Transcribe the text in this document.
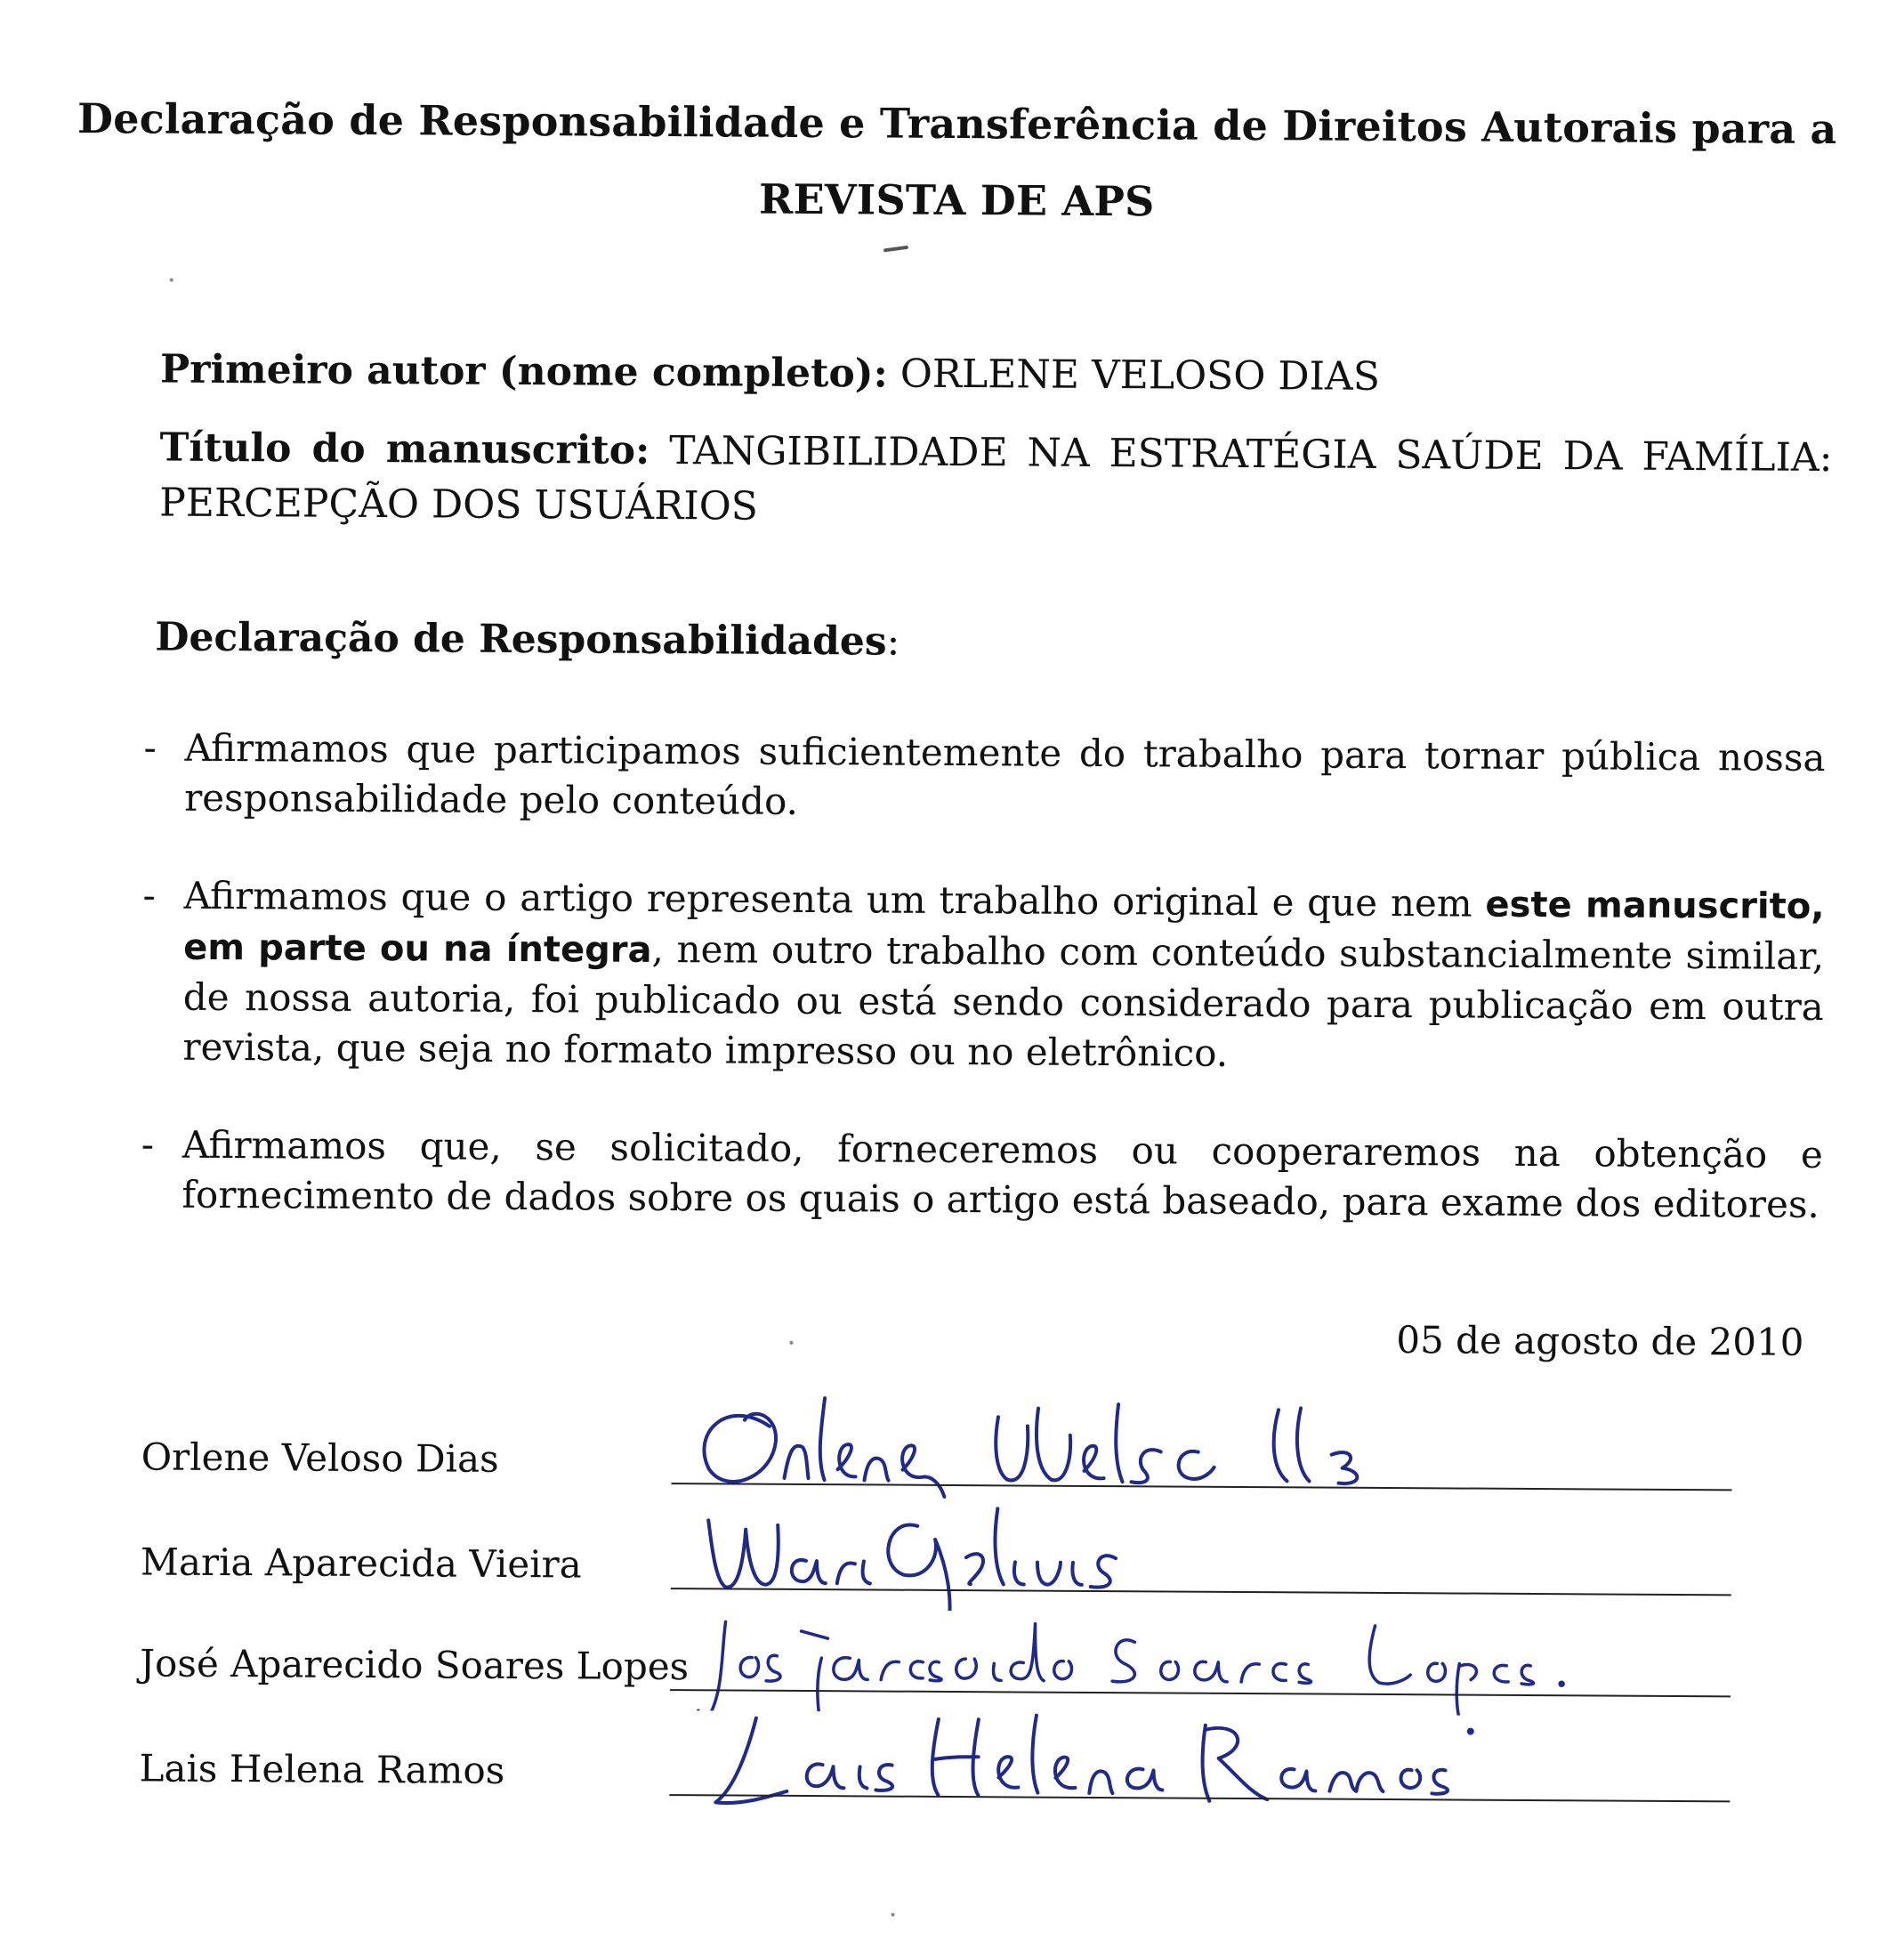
Declaração de Responsabilidade e Transferência de Direitos Autorais para a
REVISTA DE APS
Primeiro autor (nome completo): ORLENE VELOSO DIAS
Título do manuscrito: TANGIBILIDADE NA ESTRATÉGIA SAÚDE DA FAMÍLIA: PERCEPÇÃO DOS USUÁRIOS
Declaração de Responsabilidades:
- Afirmamos que participamos suficientemente do trabalho para tornar pública nossa responsabilidade pelo conteúdo.
- Afirmamos que o artigo representa um trabalho original e que nem este manuscrito, em parte ou na íntegra, nem outro trabalho com conteúdo substancialmente similar, de nossa autoria, foi publicado ou está sendo considerado para publicação em outra revista, que seja no formato impresso ou no eletrônico.
- Afirmamos que, se solicitado, forneceremos ou cooperaremos na obtenção e fornecimento de dados sobre os quais o artigo está baseado, para exame dos editores.
05 de agosto de 2010
Orlene Veloso Dias
Maria Aparecida Vieira
José Aparecido Soares Lopes
Lais Helena Ramos
